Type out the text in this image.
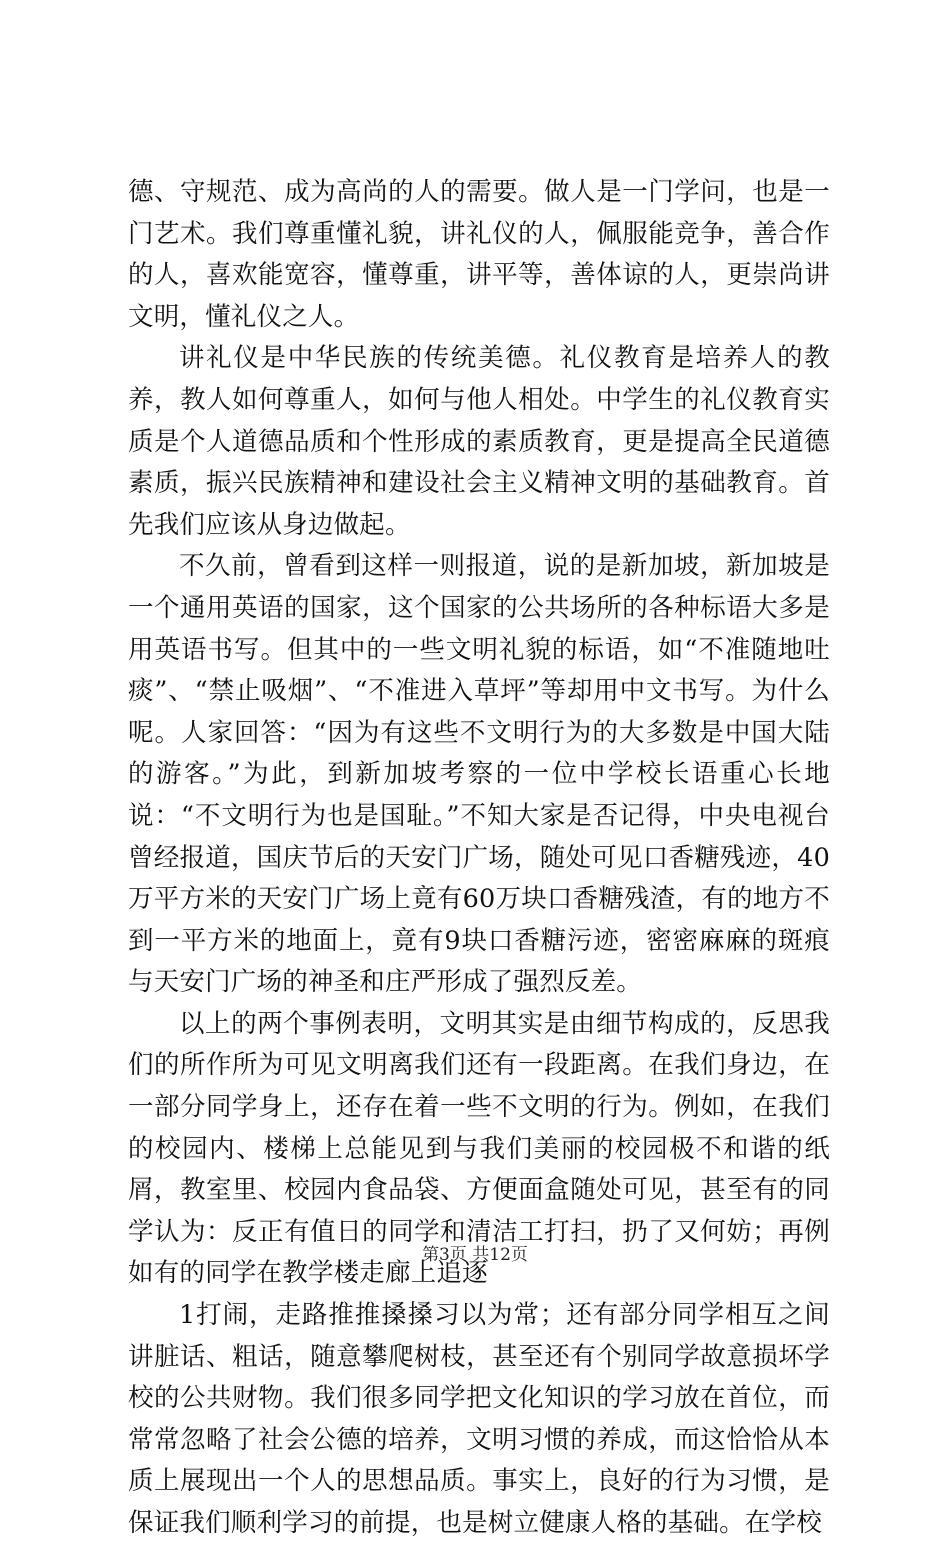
德、守规范、成为高尚的人的需要。做人是一门学问，也是一门艺术。我们尊重懂礼貌，讲礼仪的人，佩服能竞争，善合作的人，喜欢能宽容，懂尊重，讲平等，善体谅的人，更崇尚讲文明，懂礼仪之人。

讲礼仪是中华民族的传统美德。礼仪教育是培养人的教养，教人如何尊重人，如何与他人相处。中学生的礼仪教育实质是个人道德品质和个性形成的素质教育，更是提高全民道德素质，振兴民族精神和建设社会主义精神文明的基础教育。首先我们应该从身边做起。

不久前，曾看到这样一则报道，说的是新加坡，新加坡是一个通用英语的国家，这个国家的公共场所的各种标语大多是用英语书写。但其中的一些文明礼貌的标语，如“不准随地吐痰”、“禁止吸烟”、“不准进入草坪”等却用中文书写。为什么呢。人家回答：“因为有这些不文明行为的大多数是中国大陆的游客。”为此，到新加坡考察的一位中学校长语重心长地说：“不文明行为也是国耻。”不知大家是否记得，中央电视台曾经报道，国庆节后的天安门广场，随处可见口香糖残迹，40万平方米的天安门广场上竟有60万块口香糖残渣，有的地方不到一平方米的地面上，竟有9块口香糖污迹，密密麻麻的斑痕与天安门广场的神圣和庄严形成了强烈反差。

以上的两个事例表明，文明其实是由细节构成的，反思我们的所作所为可见文明离我们还有一段距离。在我们身边，在一部分同学身上，还存在着一些不文明的行为。例如，在我们的校园内、楼梯上总能见到与我们美丽的校园极不和谐的纸屑，教室里、校园内食品袋、方便面盒随处可见，甚至有的同学认为：反正有值日的同学和清洁工打扫，扔了又何妨；再例如有的同学在教学楼走廊上追逐

1打闹，走路推推搡搡习以为常；还有部分同学相互之间讲脏话、粗话，随意攀爬树枝，甚至还有个别同学故意损坏学校的公共财物。我们很多同学把文化知识的学习放在首位，而常常忽略了社会公德的培养，文明习惯的养成，而这恰恰从本质上展现出一个人的思想品质。事实上，良好的行为习惯，是保证我们顺利学习的前提，也是树立健康人格的基础。在学校

第3页 共12页
